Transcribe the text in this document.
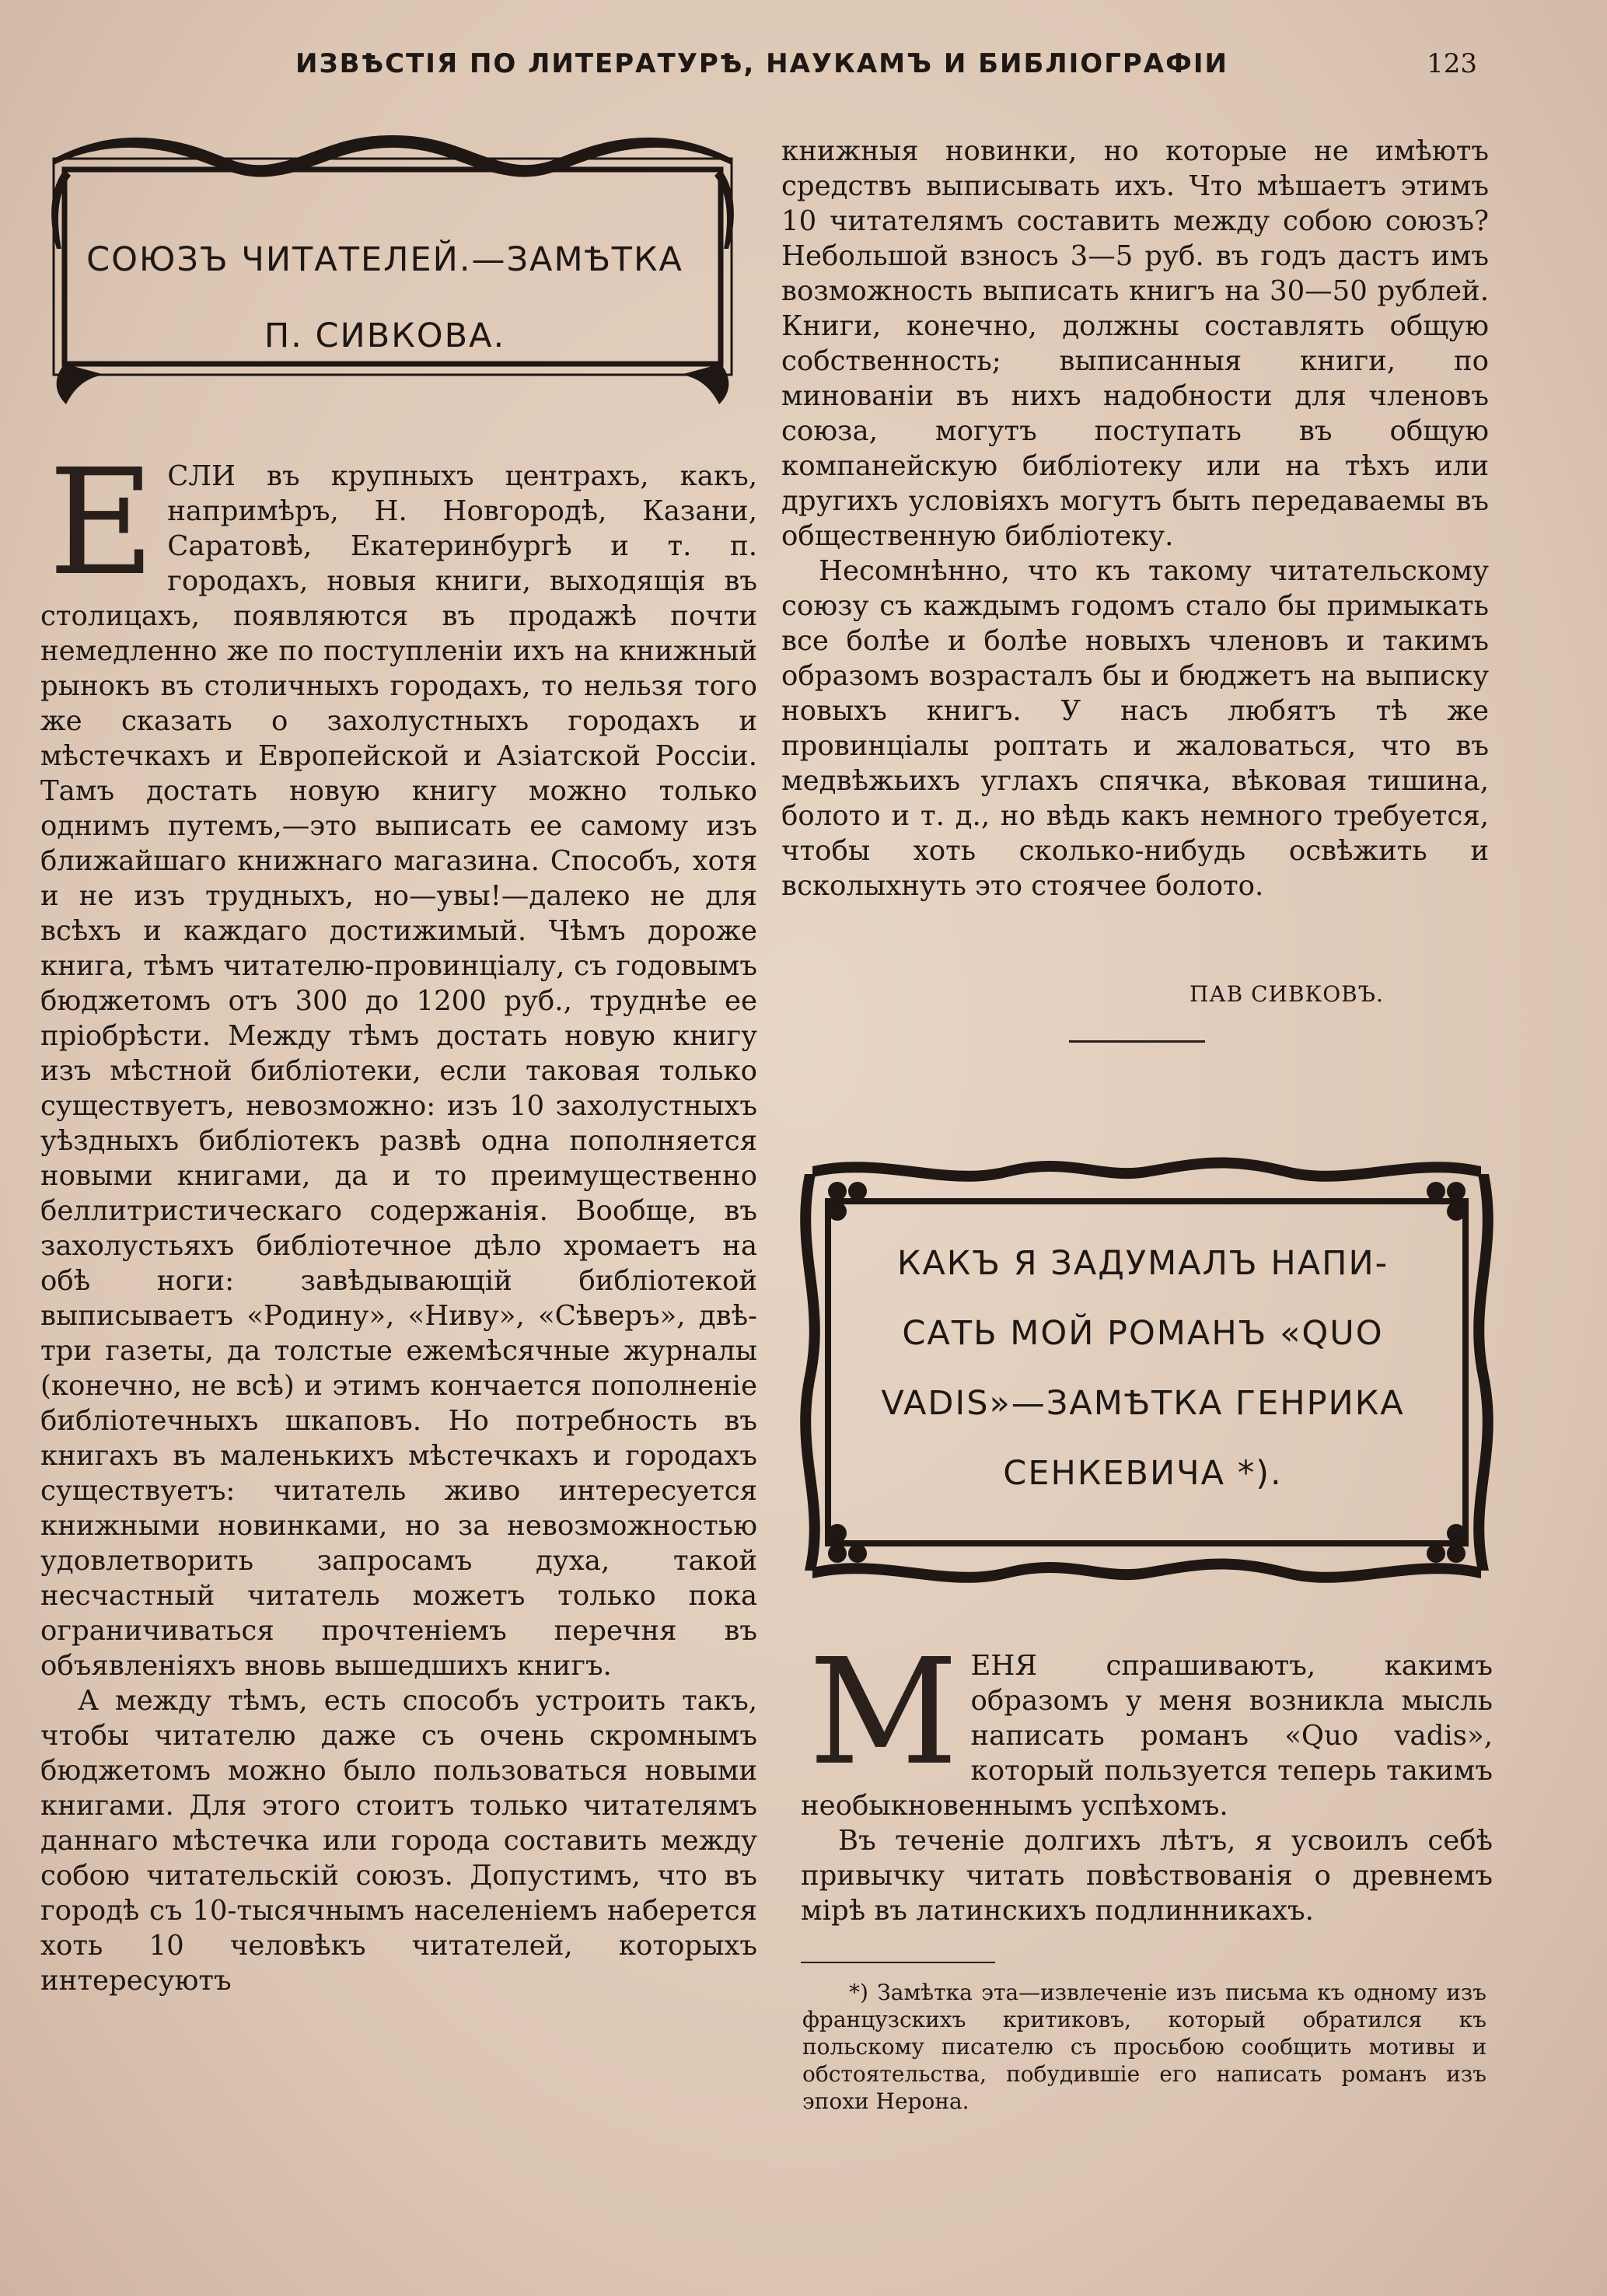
ИЗВѢСТІЯ ПО ЛИТЕРАТУРѢ, НАУКАМЪ И БИБЛІОГРАФІИ	123
СОЮЗЪ ЧИТАТЕЛЕЙ.—ЗАМѢТКА
П. СИВКОВА.

ЕСЛИ въ крупныхъ центрахъ, какъ, напримѣръ, Н. Новгородѣ, Казани, Саратовѣ, Екатеринбургѣ и т. п. городахъ, новыя книги, выходящія въ столицахъ, появляются въ продажѣ почти немедленно же по поступленіи ихъ на книжный рынокъ въ столичныхъ городахъ, то нельзя того же сказать о захолустныхъ городахъ и мѣстечкахъ и Европейской и Азіатской Россіи. Тамъ достать новую книгу можно только однимъ путемъ,—это выписать ее самому изъ ближайшаго книжнаго магазина. Способъ, хотя и не изъ трудныхъ, но—увы!—далеко не для всѣхъ и каждаго достижимый. Чѣмъ дороже книга, тѣмъ читателю-провинціалу, съ годовымъ бюджетомъ отъ 300 до 1200 руб., труднѣе ее пріобрѣсти. Между тѣмъ достать новую книгу изъ мѣстной библіотеки, если таковая только существуетъ, невозможно: изъ 10 захолустныхъ уѣздныхъ библіотекъ развѣ одна пополняется новыми книгами, да и то преимущественно беллитристическаго содержанія. Вообще, въ захолустьяхъ библіотечное дѣло хромаетъ на обѣ ноги: завѣдывающій библіотекой выписываетъ «Родину», «Ниву», «Сѣверъ», двѣ-три газеты, да толстые ежемѣсячные журналы (конечно, не всѣ) и этимъ кончается пополненіе библіотечныхъ шкаповъ. Но потребность въ книгахъ въ маленькихъ мѣстечкахъ и городахъ существуетъ: читатель живо интересуется книжными новинками, но за невозможностью удовлетворить запросамъ духа, такой несчастный читатель можетъ только пока ограничиваться прочтеніемъ перечня въ объявленіяхъ вновь вышедшихъ книгъ.

А между тѣмъ, есть способъ устроить такъ, чтобы читателю даже съ очень скромнымъ бюджетомъ можно было пользоваться новыми книгами. Для этого стоитъ только читателямъ даннаго мѣстечка или города составить между собою читательскій союзъ. Допустимъ, что въ городѣ съ 10-тысячнымъ населеніемъ наберется хоть 10 человѣкъ читателей, которыхъ интересуютъ

книжныя новинки, но которые не имѣютъ средствъ выписывать ихъ. Что мѣшаетъ этимъ 10 читателямъ составить между собою союзъ? Небольшой взносъ 3—5 руб. въ годъ дастъ имъ возможность выписать книгъ на 30—50 рублей. Книги, конечно, должны составлять общую собственность; выписанныя книги, по минованіи въ нихъ надобности для членовъ союза, могутъ поступать въ общую компанейскую библіотеку или на тѣхъ или другихъ условіяхъ могутъ быть передаваемы въ общественную библіотеку.

Несомнѣнно, что къ такому читательскому союзу съ каждымъ годомъ стало бы примыкать все болѣе и болѣе новыхъ членовъ и такимъ образомъ возрасталъ бы и бюджетъ на выписку новыхъ книгъ. У насъ любятъ тѣ же провинціалы роптать и жаловаться, что въ медвѣжьихъ углахъ спячка, вѣковая тишина, болото и т. д., но вѣдь какъ немного требуется, чтобы хоть сколько-нибудь освѣжить и всколыхнуть это стоячее болото.

ПАВ СИВКОВЪ.
КАКЪ Я ЗАДУМАЛЪ НАПИ-
САТЬ МОЙ РОМАНЪ «QUO
VADIS»—ЗАМѢТКА ГЕНРИКА
СЕНКЕВИЧА *).

МЕНЯ спрашиваютъ, какимъ образомъ у меня возникла мысль написать романъ «Quo vadis», который пользуется теперь такимъ необыкновеннымъ успѣхомъ.

Въ теченіе долгихъ лѣтъ, я усвоилъ себѣ привычку читать повѣствованія о древнемъ мірѣ въ латинскихъ подлинникахъ.

*) Замѣтка эта—извлеченіе изъ письма къ одному изъ французскихъ критиковъ, который обратился къ польскому писателю съ просьбою сообщить мотивы и обстоятельства, побудившіе его написать романъ изъ эпохи Нерона.
